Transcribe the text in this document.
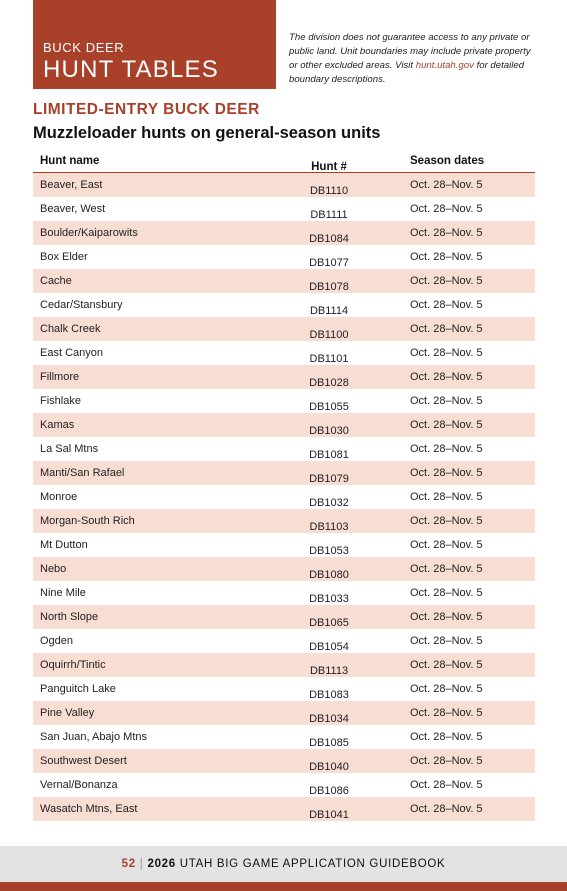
BUCK DEER
HUNT TABLES
The division does not guarantee access to any private or public land. Unit boundaries may include private property or other excluded areas. Visit hunt.utah.gov for detailed boundary descriptions.
LIMITED-ENTRY BUCK DEER
Muzzleloader hunts on general-season units
Hunt name	Hunt #	Season dates
Beaver, East	DB1110	Oct. 28–Nov. 5
Beaver, West	DB1111	Oct. 28–Nov. 5
Boulder/Kaiparowits	DB1084	Oct. 28–Nov. 5
Box Elder	DB1077	Oct. 28–Nov. 5
Cache	DB1078	Oct. 28–Nov. 5
Cedar/Stansbury	DB1114	Oct. 28–Nov. 5
Chalk Creek	DB1100	Oct. 28–Nov. 5
East Canyon	DB1101	Oct. 28–Nov. 5
Fillmore	DB1028	Oct. 28–Nov. 5
Fishlake	DB1055	Oct. 28–Nov. 5
Kamas	DB1030	Oct. 28–Nov. 5
La Sal Mtns	DB1081	Oct. 28–Nov. 5
Manti/San Rafael	DB1079	Oct. 28–Nov. 5
Monroe	DB1032	Oct. 28–Nov. 5
Morgan-South Rich	DB1103	Oct. 28–Nov. 5
Mt Dutton	DB1053	Oct. 28–Nov. 5
Nebo	DB1080	Oct. 28–Nov. 5
Nine Mile	DB1033	Oct. 28–Nov. 5
North Slope	DB1065	Oct. 28–Nov. 5
Ogden	DB1054	Oct. 28–Nov. 5
Oquirrh/Tintic	DB1113	Oct. 28–Nov. 5
Panguitch Lake	DB1083	Oct. 28–Nov. 5
Pine Valley	DB1034	Oct. 28–Nov. 5
San Juan, Abajo Mtns	DB1085	Oct. 28–Nov. 5
Southwest Desert	DB1040	Oct. 28–Nov. 5
Vernal/Bonanza	DB1086	Oct. 28–Nov. 5
Wasatch Mtns, East	DB1041	Oct. 28–Nov. 5
52 | 2026 UTAH BIG GAME APPLICATION GUIDEBOOK
